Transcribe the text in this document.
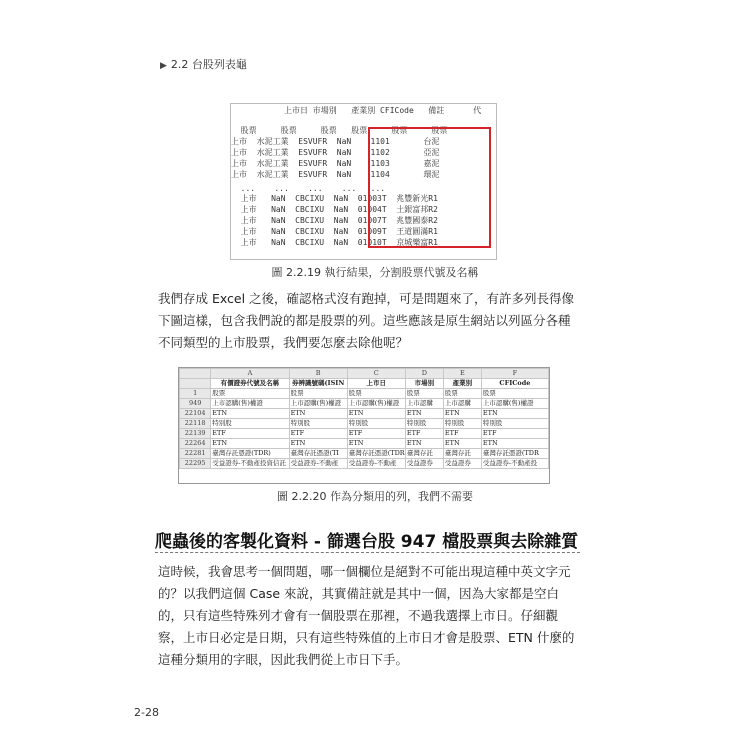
▶ 2.2 台股列表龜
上市日 市場別   產業別 CFICode   備註      代
股票     股票     股票   股票     股票     股票
上市  水泥工業  ESVUFR  NaN    1101       台泥
上市  水泥工業  ESVUFR  NaN    1102       亞泥
上市  水泥工業  ESVUFR  NaN    1103       嘉泥
上市  水泥工業  ESVUFR  NaN    1104       環泥
...    ...    ...    ...   ...
上市   NaN  CBCIXU  NaN  01003T  兆豐新光R1
上市   NaN  CBCIXU  NaN  01004T  土銀富邦R2
上市   NaN  CBCIXU  NaN  01007T  兆豐國泰R2
上市   NaN  CBCIXU  NaN  01009T  王道圓滿R1
上市   NaN  CBCIXU  NaN  01010T  京城樂富R1
圖 2.2.19 執行結果，分割股票代號及名稱
我們存成 Excel 之後，確認格式沒有跑掉，可是問題來了，有許多列長得像下圖這樣，包含我們說的都是股票的列。這些應該是原生網站以列區分各種不同類型的上市股票，我們要怎麼去除他呢？
	A	B	C	D	E	F
	有價證券代號及名稱	券辨識號碼(ISIN	上市日	市場別	產業別	CFICode
1	股票	股票	股票	股票	股票	股票
949	上市認購(售)權證	上市認購(售)權證	上市認購(售)權證	上市認購	上市認購	上市認購(售)權證
22104	ETN	ETN	ETN	ETN	ETN	ETN
22118	特別股	特別股	特別股	特別股	特別股	特別股
22139	ETF	ETF	ETF	ETF	ETF	ETF
22264	ETN	ETN	ETN	ETN	ETN	ETN
22281	臺灣存託憑證(TDR)	臺灣存託憑證(TI	臺灣存託憑證(TDR	臺灣存託	臺灣存託	臺灣存託憑證(TDR
22295	受益證券-不動產投資信託	受益證券-不動產	受益證券-不動產	受益證券	受益證券	受益證券-不動產投
圖 2.2.20 作為分類用的列，我們不需要
爬蟲後的客製化資料 - 篩選台股 947 檔股票與去除雜質
這時候，我會思考一個問題，哪一個欄位是絕對不可能出現這種中英文字元的？以我們這個 Case 來說，其實備註就是其中一個，因為大家都是空白的，只有這些特殊列才會有一個股票在那裡，不過我選擇上市日。仔細觀察，上市日必定是日期，只有這些特殊值的上市日才會是股票、ETN 什麼的這種分類用的字眼，因此我們從上市日下手。
2-28
